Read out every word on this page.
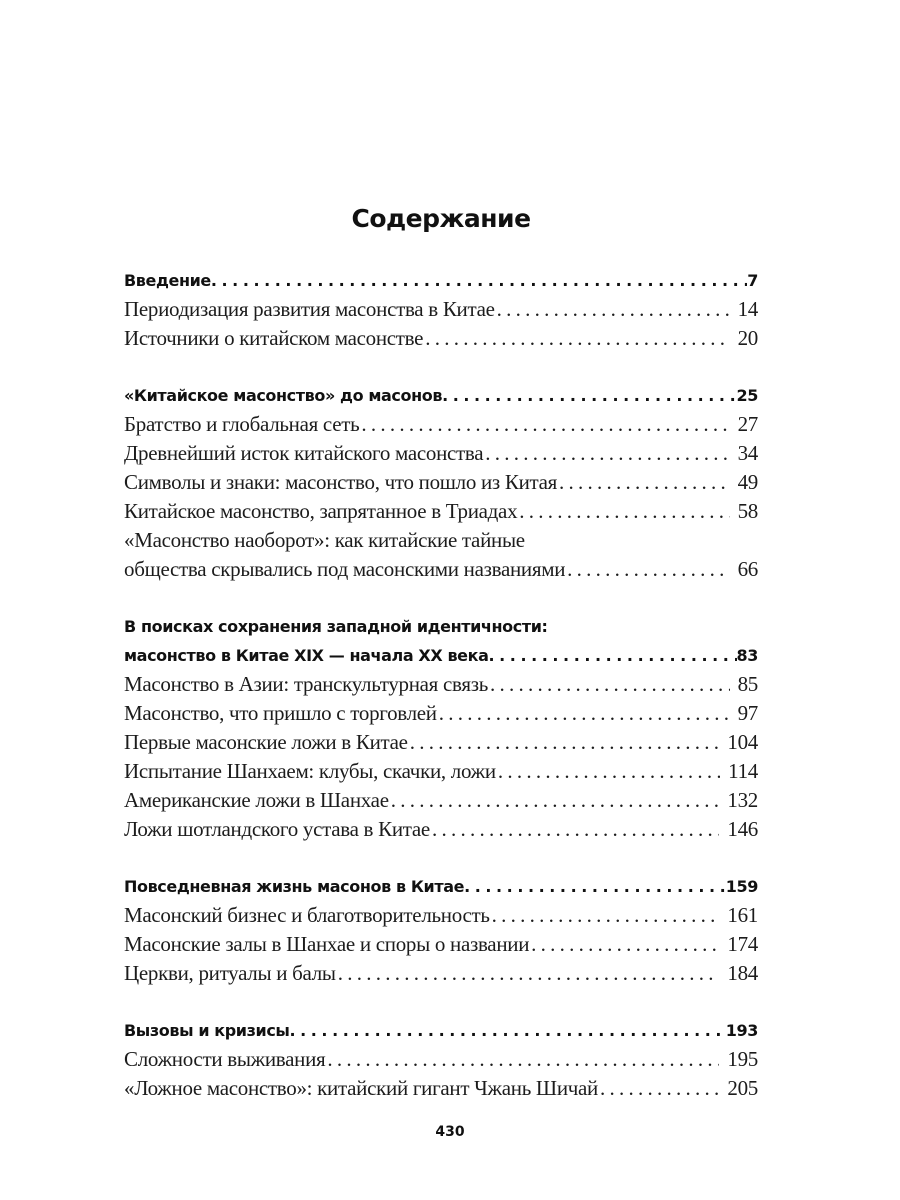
Содержание
Введение . . .	7
Периодизация развития масонства в Китае . . .	14
Источники о китайском масонстве . . .	20
«Китайское масонство» до масонов . . .	25
Братство и глобальная сеть . . .	27
Древнейший исток китайского масонства . . .	34
Символы и знаки: масонство, что пошло из Китая . . .	49
Китайское масонство, запрятанное в Триадах . . .	58
«Масонство наоборот»: как китайские тайные
общества скрывались под масонскими названиями . . .	66
В поисках сохранения западной идентичности:
масонство в Китае XIX — начала XX века . . .	83
Масонство в Азии: транскультурная связь . . .	85
Масонство, что пришло с торговлей . . .	97
Первые масонские ложи в Китае . . .	104
Испытание Шанхаем: клубы, скачки, ложи . . .	114
Американские ложи в Шанхае . . .	132
Ложи шотландского устава в Китае . . .	146
Повседневная жизнь масонов в Китае . . .	159
Масонский бизнес и благотворительность . . .	161
Масонские залы в Шанхае и споры о названии . . .	174
Церкви, ритуалы и балы . . .	184
Вызовы и кризисы . . .	193
Сложности выживания . . .	195
«Ложное масонство»: китайский гигант Чжань Шичай . . .	205
430
